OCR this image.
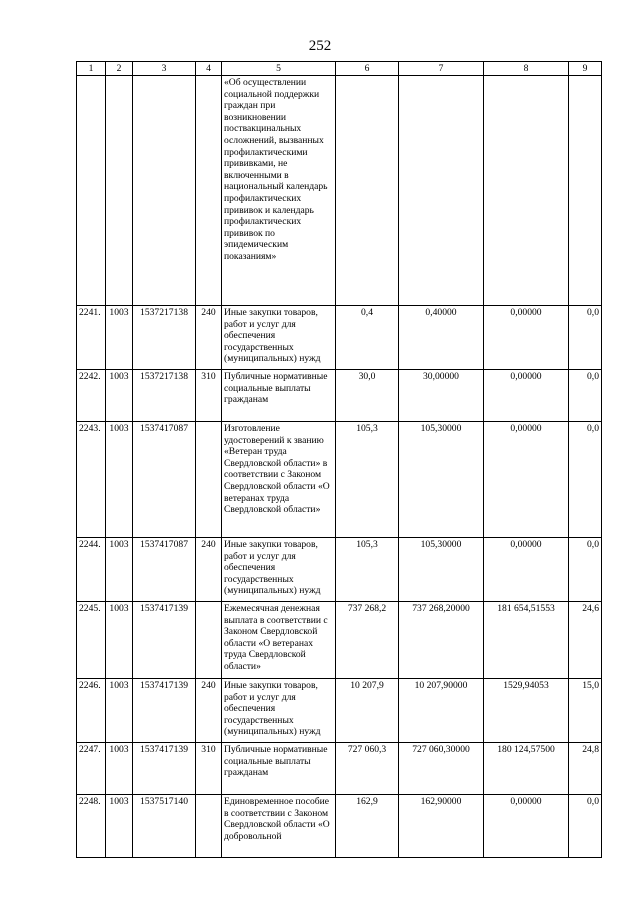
252
1	2	3	4	5	6	7	8	9
				«Об осуществлении социальной поддержки граждан при возникновении поствакцинальных осложнений, вызванных профилактическими прививками, не включенными в национальный календарь профилактических прививок и календарь профилактических прививок по эпидемическим показаниям»				
2241.	1003	1537217138	240	Иные закупки товаров, работ и услуг для обеспечения государственных (муниципальных) нужд	0,4	0,40000	0,00000	0,0
2242.	1003	1537217138	310	Публичные нормативные социальные выплаты гражданам	30,0	30,00000	0,00000	0,0
2243.	1003	1537417087		Изготовление удостоверений к званию «Ветеран труда Свердловской области» в соответствии с Законом Свердловской области «О ветеранах труда Свердловской области»	105,3	105,30000	0,00000	0,0
2244.	1003	1537417087	240	Иные закупки товаров, работ и услуг для обеспечения государственных (муниципальных) нужд	105,3	105,30000	0,00000	0,0
2245.	1003	1537417139		Ежемесячная денежная выплата в соответствии с Законом Свердловской области «О ветеранах труда Свердловской области»	737 268,2	737 268,20000	181 654,51553	24,6
2246.	1003	1537417139	240	Иные закупки товаров, работ и услуг для обеспечения государственных (муниципальных) нужд	10 207,9	10 207,90000	1529,94053	15,0
2247.	1003	1537417139	310	Публичные нормативные социальные выплаты гражданам	727 060,3	727 060,30000	180 124,57500	24,8
2248.	1003	1537517140		Единовременное пособие в соответствии с Законом Свердловской области «О добровольной	162,9	162,90000	0,00000	0,0
